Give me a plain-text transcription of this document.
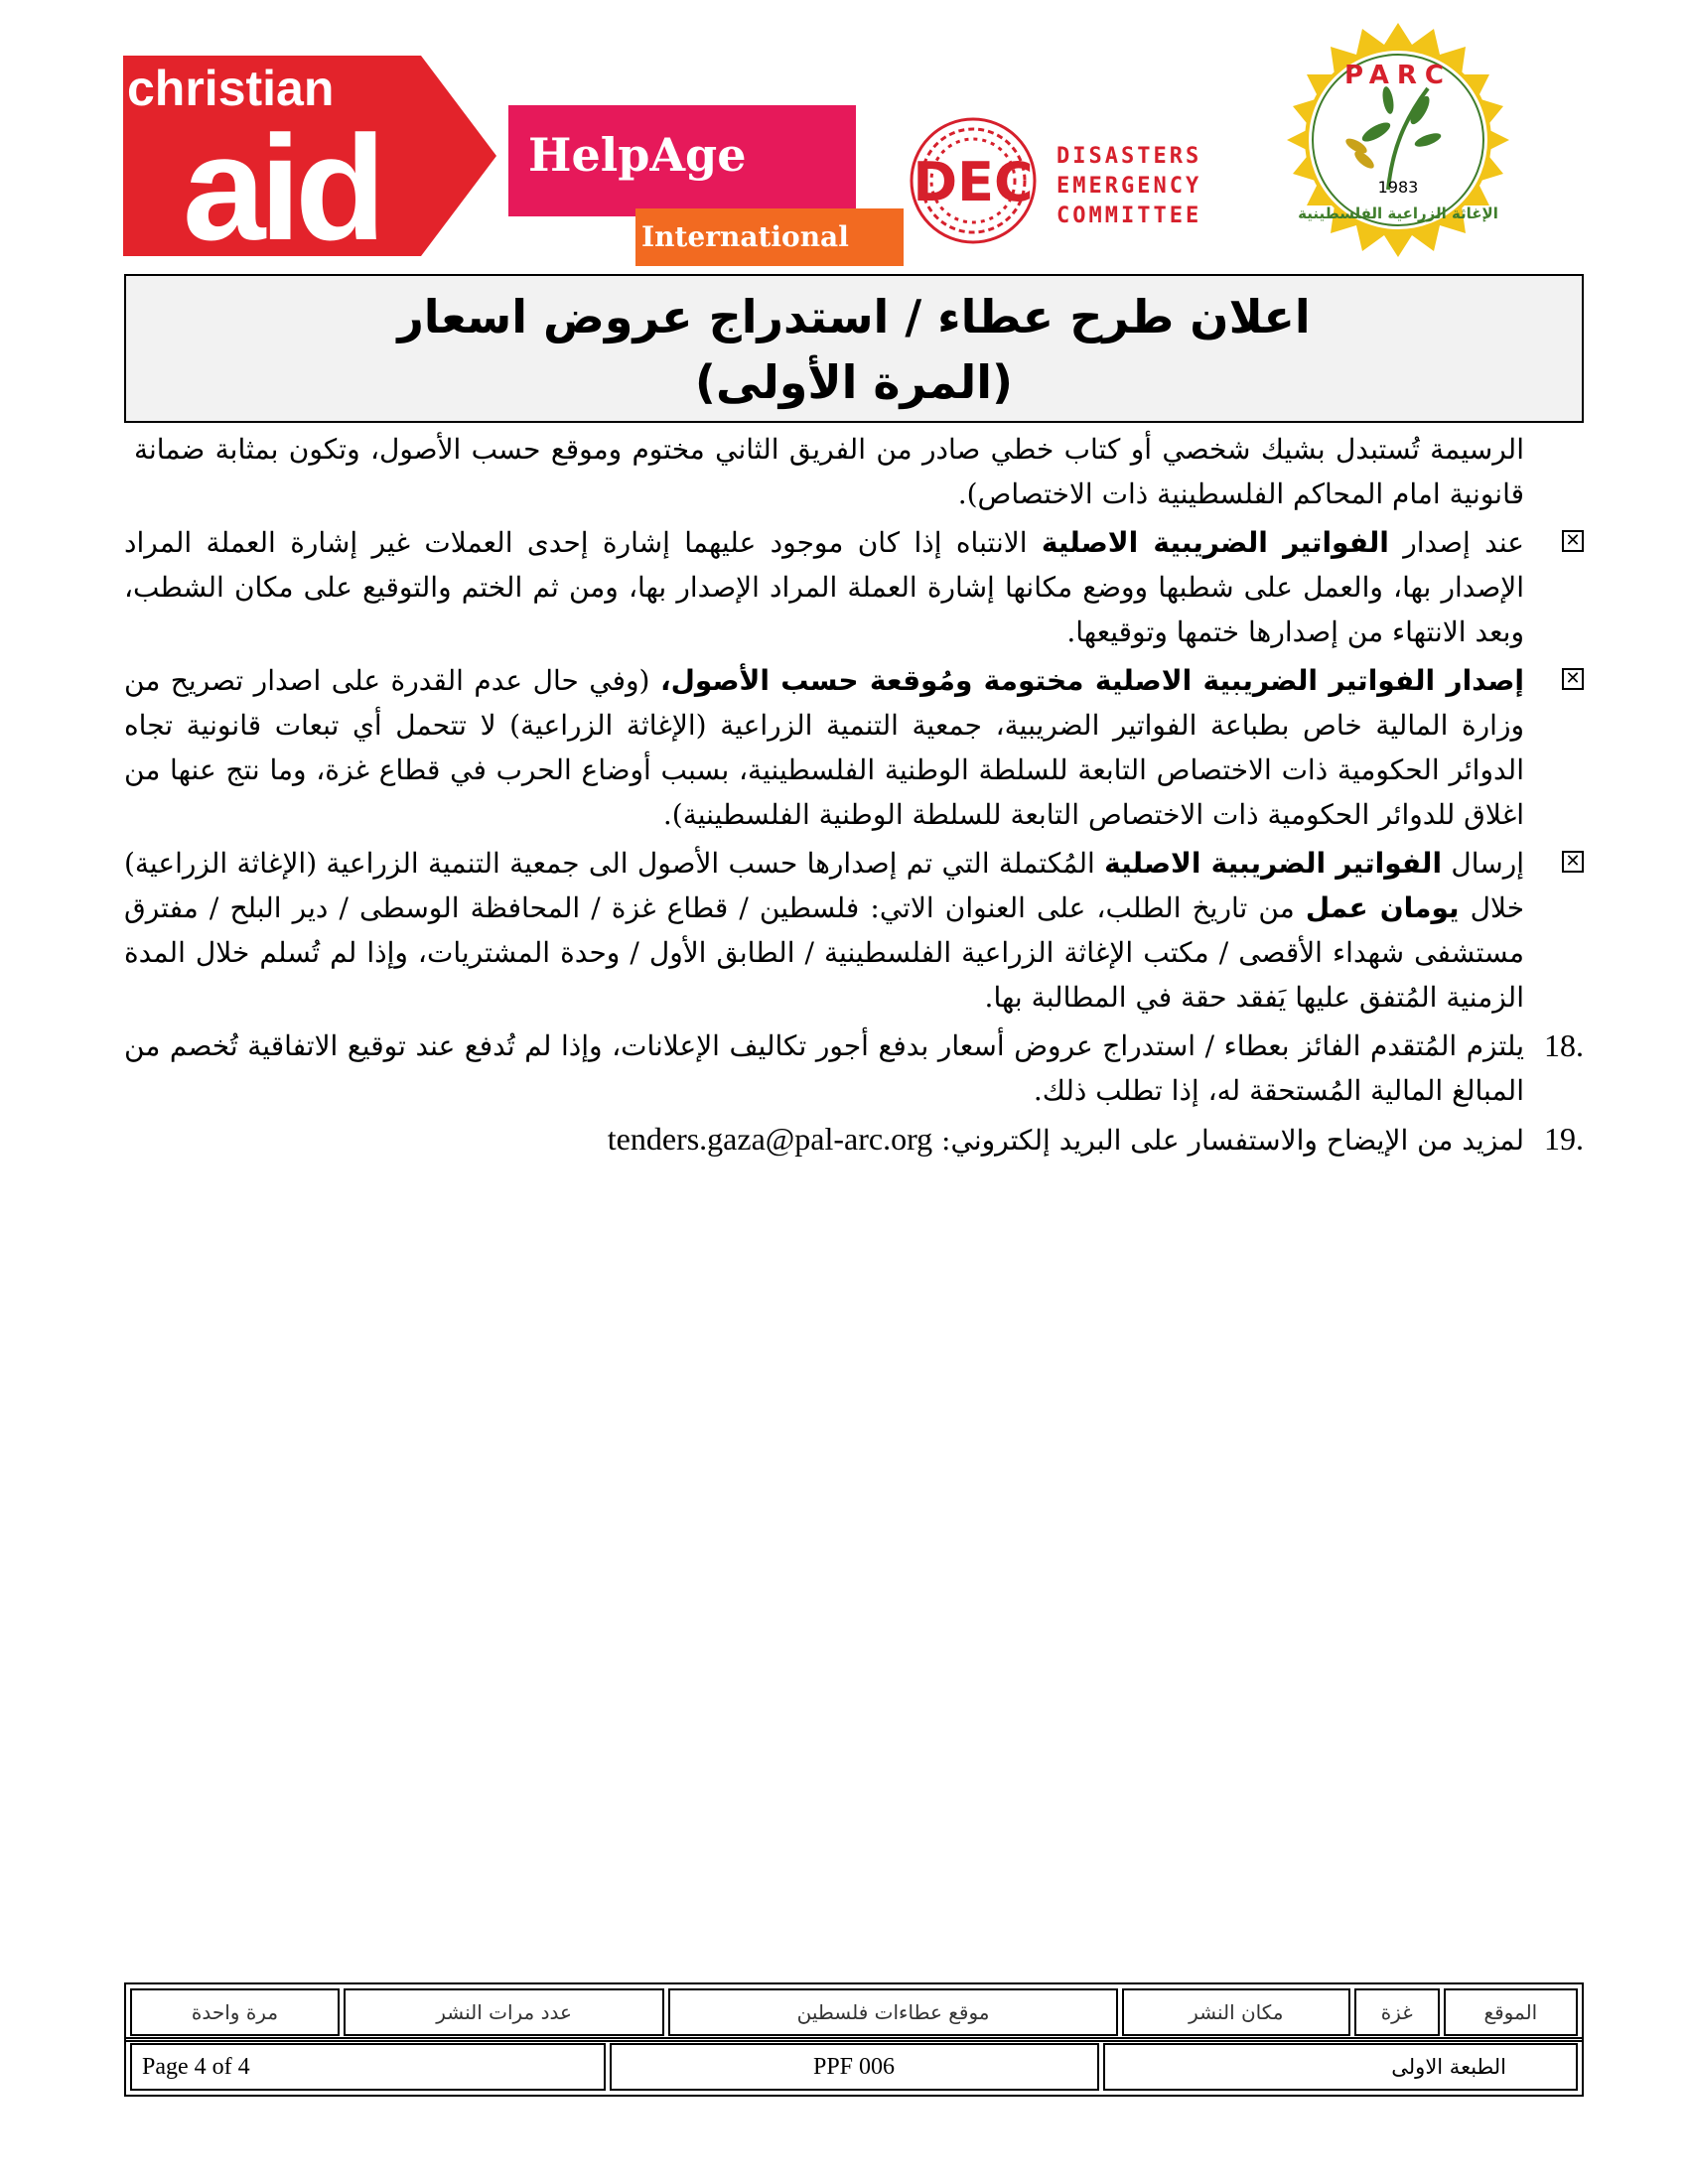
christian
aid	HelpAge
International
DEC DISASTERS
EMERGENCY
COMMITTEE
PARC
1983
الإغاثة الزراعية الفلسطينية
اعلان طرح عطاء / استدراج عروض اسعار
(المرة الأولى)

الرسيمة تُستبدل بشيك شخصي أو كتاب خطي صادر من الفريق الثاني مختوم وموقع حسب الأصول، وتكون بمثابة ضمانة قانونية امام المحاكم الفلسطينية ذات الاختصاص).

✕
عند إصدار الفواتير الضريبية الاصلية الانتباه إذا كان موجود عليهما إشارة إحدى العملات غير إشارة العملة المراد الإصدار بها، والعمل على شطبها ووضع مكانها إشارة العملة المراد الإصدار بها، ومن ثم الختم والتوقيع على مكان الشطب، وبعد الانتهاء من إصدارها ختمها وتوقيعها.
✕
إصدار الفواتير الضريبية الاصلية مختومة ومُوقعة حسب الأصول، (وفي حال عدم القدرة على اصدار تصريح من وزارة المالية خاص بطباعة الفواتير الضريبية، جمعية التنمية الزراعية (الإغاثة الزراعية) لا تتحمل أي تبعات قانونية تجاه الدوائر الحكومية ذات الاختصاص التابعة للسلطة الوطنية الفلسطينية، بسبب أوضاع الحرب في قطاع غزة، وما نتج عنها من اغلاق للدوائر الحكومية ذات الاختصاص التابعة للسلطة الوطنية الفلسطينية).
✕
إرسال الفواتير الضريبية الاصلية المُكتملة التي تم إصدارها حسب الأصول الى جمعية التنمية الزراعية (الإغاثة الزراعية) خلال يومان عمل من تاريخ الطلب، على العنوان الاتي: فلسطين / قطاع غزة / المحافظة الوسطى / دير البلح / مفترق مستشفى شهداء الأقصى / مكتب الإغاثة الزراعية الفلسطينية / الطابق الأول / وحدة المشتريات، وإذا لم تُسلم خلال المدة الزمنية المُتفق عليها يَفقد حقة في المطالبة بها.
18.
يلتزم المُتقدم الفائز بعطاء / استدراج عروض أسعار بدفع أجور تكاليف الإعلانات، وإذا لم تُدفع عند توقيع الاتفاقية تُخصم من المبالغ المالية المُستحقة له، إذا تطلب ذلك.
19.
لمزيد من الإيضاح والاستفسار على البريد إلكتروني: tenders.gaza@pal-arc.org
الموقع	غزة	مكان النشر	موقع عطاءات فلسطين	عدد مرات النشر	مرة واحدة
الطبعة الاولى	PPF 006	Page 4 of 4
